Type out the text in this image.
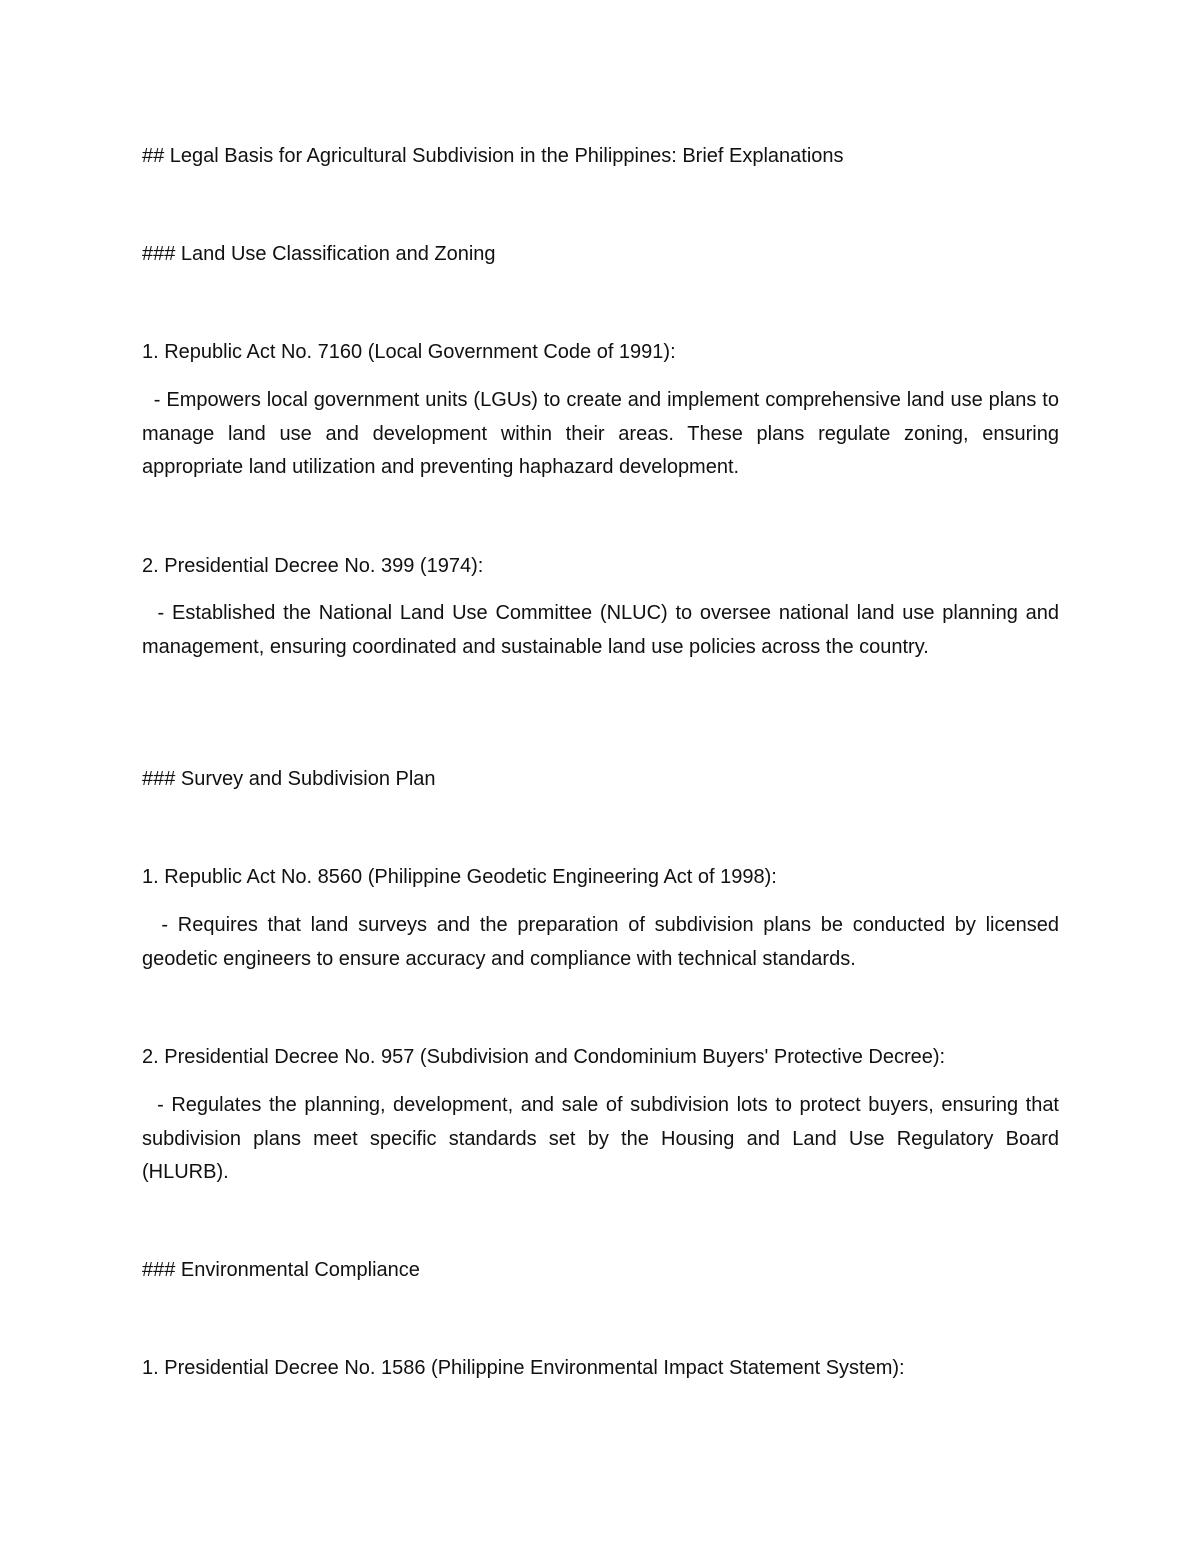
## Legal Basis for Agricultural Subdivision in the Philippines: Brief Explanations

### Land Use Classification and Zoning

1. Republic Act No. 7160 (Local Government Code of 1991):

- Empowers local government units (LGUs) to create and implement comprehensive land use plans to manage land use and development within their areas. These plans regulate zoning, ensuring appropriate land utilization and preventing haphazard development.

2. Presidential Decree No. 399 (1974):

- Established the National Land Use Committee (NLUC) to oversee national land use planning and management, ensuring coordinated and sustainable land use policies across the country.

### Survey and Subdivision Plan

1. Republic Act No. 8560 (Philippine Geodetic Engineering Act of 1998):

- Requires that land surveys and the preparation of subdivision plans be conducted by licensed geodetic engineers to ensure accuracy and compliance with technical standards.

2. Presidential Decree No. 957 (Subdivision and Condominium Buyers' Protective Decree):

- Regulates the planning, development, and sale of subdivision lots to protect buyers, ensuring that subdivision plans meet specific standards set by the Housing and Land Use Regulatory Board (HLURB).

### Environmental Compliance

1. Presidential Decree No. 1586 (Philippine Environmental Impact Statement System):
